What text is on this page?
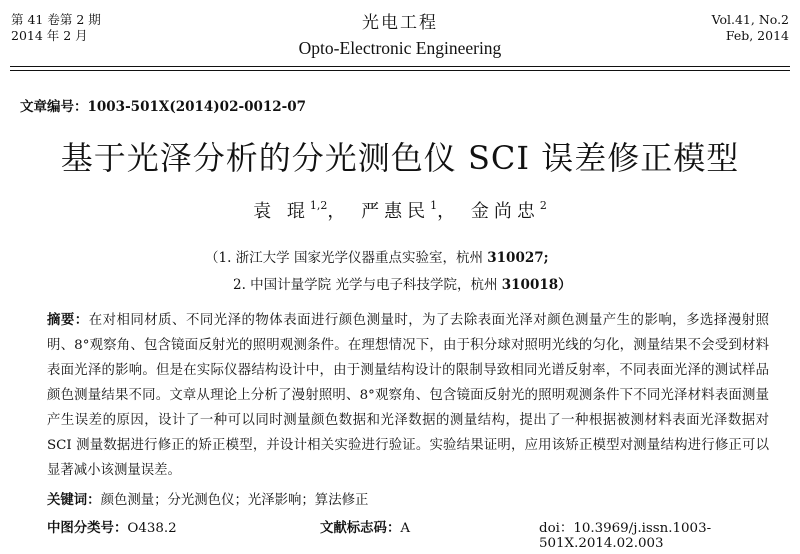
第 41 卷第 2 期
2014 年 2 月
光电工程
Opto-Electronic Engineering
Vol.41, No.2
Feb, 2014
文章编号：1003-501X(2014)02-0012-07
基于光泽分析的分光测色仪 SCI 误差修正模型
袁 琨$^{1,2}$， 严惠民$^1$， 金尚忠$^2$
（1. 浙江大学 国家光学仪器重点实验室，杭州 310027;
2. 中国计量学院 光学与电子科技学院，杭州 310018）
摘要：在对相同材质、不同光泽的物体表面进行颜色测量时，为了去除表面光泽对颜色测量产生的影响，多选择漫射照明、8°观察角、包含镜面反射光的照明观测条件。在理想情况下，由于积分球对照明光线的匀化，测量结果不会受到材料表面光泽的影响。但是在实际仪器结构设计中，由于测量结构设计的限制导致相同光谱反射率，不同表面光泽的测试样品颜色测量结果不同。文章从理论上分析了漫射照明、8°观察角、包含镜面反射光的照明观测条件下不同光泽材料表面测量产生误差的原因，设计了一种可以同时测量颜色数据和光泽数据的测量结构，提出了一种根据被测材料表面光泽数据对 SCI 测量数据进行修正的矫正模型，并设计相关实验进行验证。实验结果证明，应用该矫正模型对测量结构进行修正可以显著减小该测量误差。
关键词：颜色测量；分光测色仪；光泽影响；算法修正
中图分类号：O438.2	文献标志码：A	doi：10.3969/j.issn.1003-501X.2014.02.003
